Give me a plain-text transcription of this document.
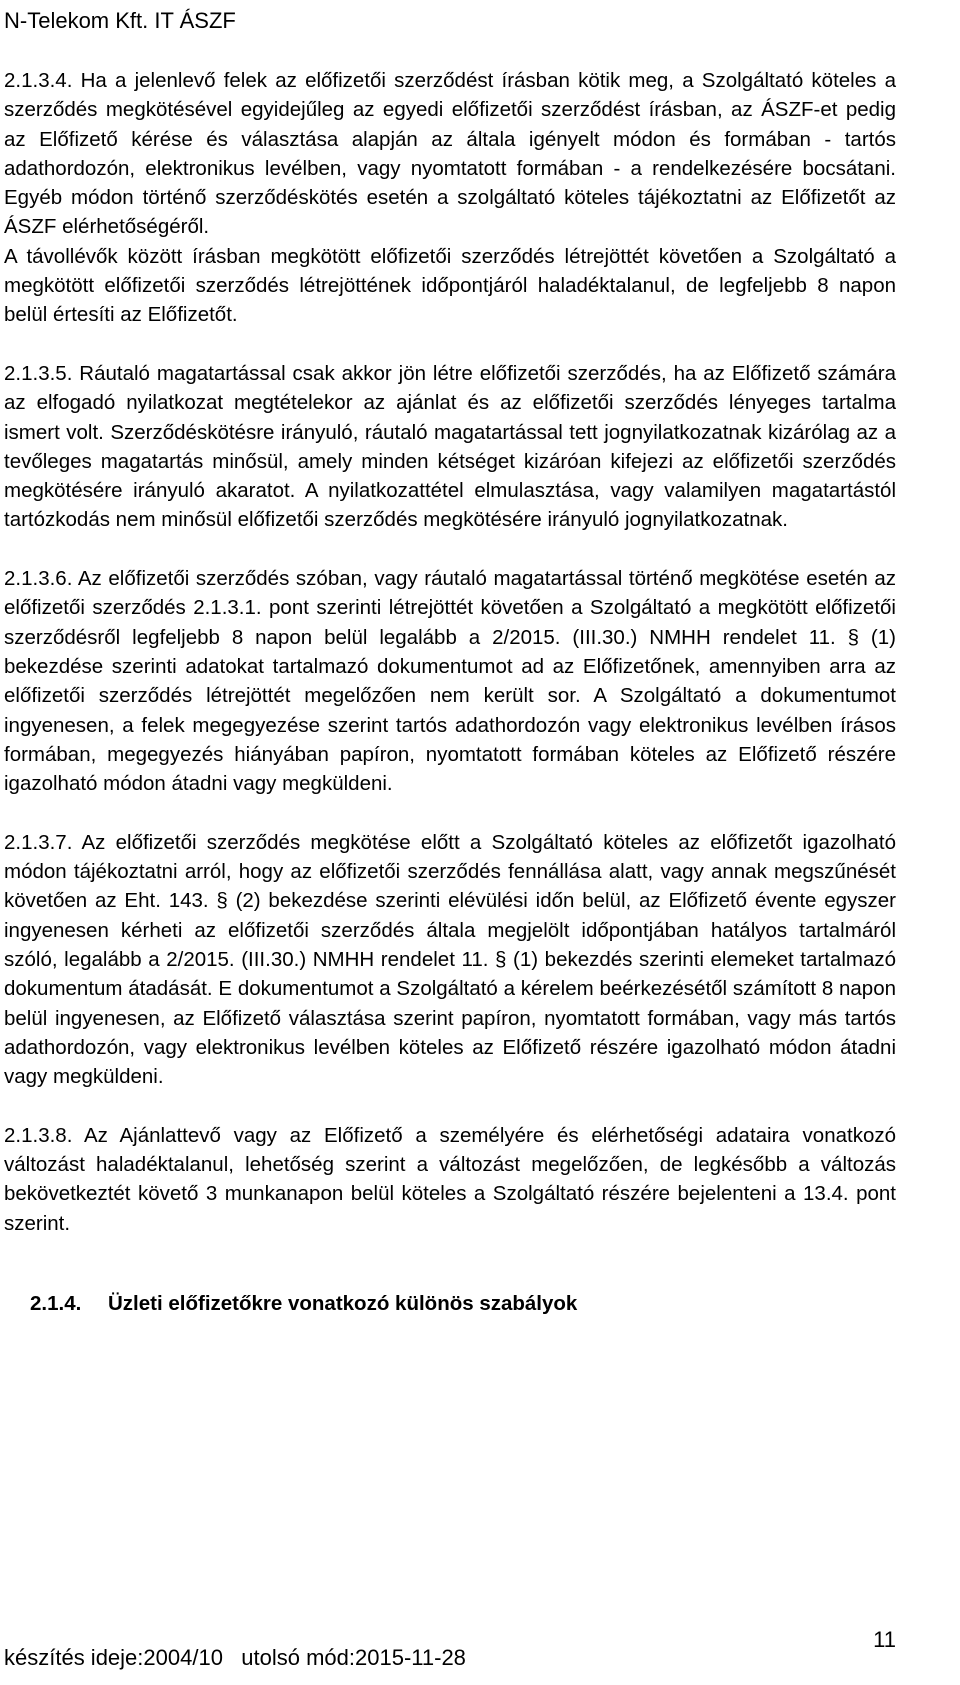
N-Telekom Kft. IT ÁSZF

2.1.3.4. Ha a jelenlevő felek az előfizetői szerződést írásban kötik meg, a Szolgáltató köteles a szerződés megkötésével egyidejűleg az egyedi előfizetői szerződést írásban, az ÁSZF-et pedig az Előfizető kérése és választása alapján az általa igényelt módon és formában - tartós adathordozón, elektronikus levélben, vagy nyomtatott formában - a rendelkezésére bocsátani. Egyéb módon történő szerződéskötés esetén a szolgáltató köteles tájékoztatni az Előfizetőt az ÁSZF elérhetőségéről.

A távollévők között írásban megkötött előfizetői szerződés létrejöttét követően a Szolgáltató a megkötött előfizetői szerződés létrejöttének időpontjáról haladéktalanul, de legfeljebb 8 napon belül értesíti az Előfizetőt.

2.1.3.5. Ráutaló magatartással csak akkor jön létre előfizetői szerződés, ha az Előfizető számára az elfogadó nyilatkozat megtételekor az ajánlat és az előfizetői szerződés lényeges tartalma ismert volt. Szerződéskötésre irányuló, ráutaló magatartással tett jognyilatkozatnak kizárólag az a tevőleges magatartás minősül, amely minden kétséget kizáróan kifejezi az előfizetői szerződés megkötésére irányuló akaratot. A nyilatkozattétel elmulasztása, vagy valamilyen magatartástól tartózkodás nem minősül előfizetői szerződés megkötésére irányuló jognyilatkozatnak.

2.1.3.6. Az előfizetői szerződés szóban, vagy ráutaló magatartással történő megkötése esetén az előfizetői szerződés 2.1.3.1. pont szerinti létrejöttét követően a Szolgáltató a megkötött előfizetői szerződésről legfeljebb 8 napon belül legalább a 2/2015. (III.30.) NMHH rendelet 11. § (1) bekezdése szerinti adatokat tartalmazó dokumentumot ad az Előfizetőnek, amennyiben arra az előfizetői szerződés létrejöttét megelőzően nem került sor. A Szolgáltató a dokumentumot ingyenesen, a felek megegyezése szerint tartós adathordozón vagy elektronikus levélben írásos formában, megegyezés hiányában papíron, nyomtatott formában köteles az Előfizető részére igazolható módon átadni vagy megküldeni.

2.1.3.7. Az előfizetői szerződés megkötése előtt a Szolgáltató köteles az előfizetőt igazolható módon tájékoztatni arról, hogy az előfizetői szerződés fennállása alatt, vagy annak megszűnését követően az Eht. 143. § (2) bekezdése szerinti elévülési időn belül, az Előfizető évente egyszer ingyenesen kérheti az előfizetői szerződés általa megjelölt időpontjában hatályos tartalmáról szóló, legalább a 2/2015. (III.30.) NMHH rendelet 11. § (1) bekezdés szerinti elemeket tartalmazó dokumentum átadását. E dokumentumot a Szolgáltató a kérelem beérkezésétől számított 8 napon belül ingyenesen, az Előfizető választása szerint papíron, nyomtatott formában, vagy más tartós adathordozón, vagy elektronikus levélben köteles az Előfizető részére igazolható módon átadni vagy megküldeni.

2.1.3.8. Az Ajánlattevő vagy az Előfizető a személyére és elérhetőségi adataira vonatkozó változást haladéktalanul, lehetőség szerint a változást megelőzően, de legkésőbb a változás bekövetkeztét követő 3 munkanapon belül köteles a Szolgáltató részére bejelenteni a 13.4. pont szerint.

2.1.4. Üzleti előfizetőkre vonatkozó különös szabályok

készítés ideje:2004/10 utolsó mód:2015-11-28
11
